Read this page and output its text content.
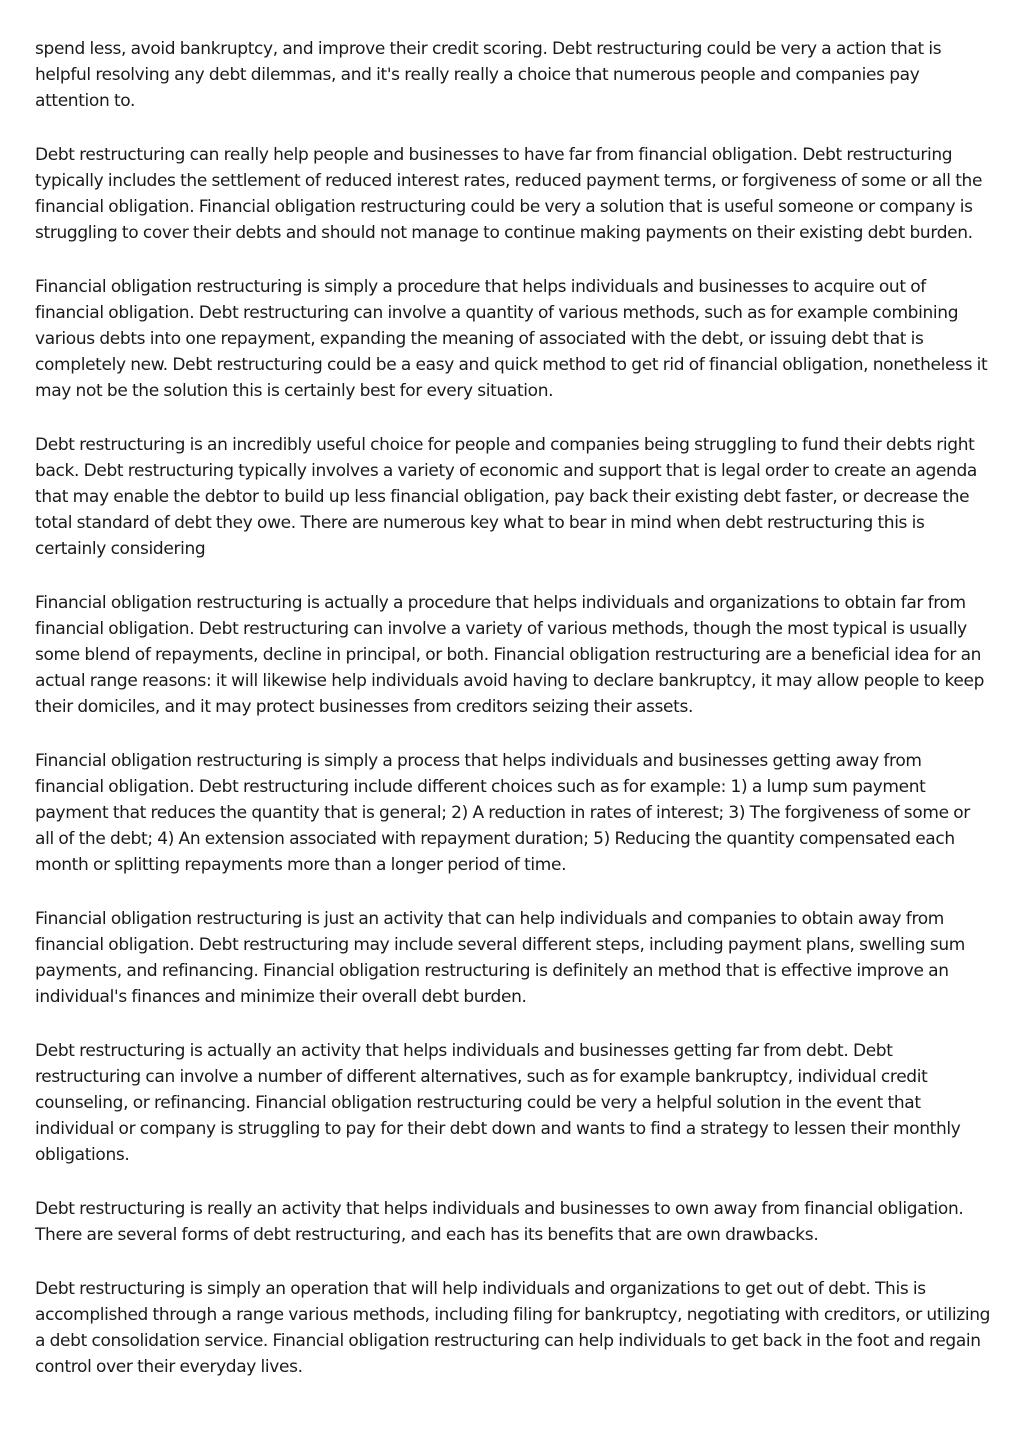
spend less, avoid bankruptcy, and improve their credit scoring. Debt restructuring could be very a action that is helpful resolving any debt dilemmas, and it's really really a choice that numerous people and companies pay attention to.

Debt restructuring can really help people and businesses to have far from financial obligation. Debt restructuring typically includes the settlement of reduced interest rates, reduced payment terms, or forgiveness of some or all the financial obligation. Financial obligation restructuring could be very a solution that is useful someone or company is struggling to cover their debts and should not manage to continue making payments on their existing debt burden.

Financial obligation restructuring is simply a procedure that helps individuals and businesses to acquire out of financial obligation. Debt restructuring can involve a quantity of various methods, such as for example combining various debts into one repayment, expanding the meaning of associated with the debt, or issuing debt that is completely new. Debt restructuring could be a easy and quick method to get rid of financial obligation, nonetheless it may not be the solution this is certainly best for every situation.

Debt restructuring is an incredibly useful choice for people and companies being struggling to fund their debts right back. Debt restructuring typically involves a variety of economic and support that is legal order to create an agenda that may enable the debtor to build up less financial obligation, pay back their existing debt faster, or decrease the total standard of debt they owe. There are numerous key what to bear in mind when debt restructuring this is certainly considering

Financial obligation restructuring is actually a procedure that helps individuals and organizations to obtain far from financial obligation. Debt restructuring can involve a variety of various methods, though the most typical is usually some blend of repayments, decline in principal, or both. Financial obligation restructuring are a beneficial idea for an actual range reasons: it will likewise help individuals avoid having to declare bankruptcy, it may allow people to keep their domiciles, and it may protect businesses from creditors seizing their assets.

Financial obligation restructuring is simply a process that helps individuals and businesses getting away from financial obligation. Debt restructuring include different choices such as for example: 1) a lump sum payment payment that reduces the quantity that is general; 2) A reduction in rates of interest; 3) The forgiveness of some or all of the debt; 4) An extension associated with repayment duration; 5) Reducing the quantity compensated each month or splitting repayments more than a longer period of time.

Financial obligation restructuring is just an activity that can help individuals and companies to obtain away from financial obligation. Debt restructuring may include several different steps, including payment plans, swelling sum payments, and refinancing. Financial obligation restructuring is definitely an method that is effective improve an individual's finances and minimize their overall debt burden.

Debt restructuring is actually an activity that helps individuals and businesses getting far from debt. Debt restructuring can involve a number of different alternatives, such as for example bankruptcy, individual credit counseling, or refinancing. Financial obligation restructuring could be very a helpful solution in the event that individual or company is struggling to pay for their debt down and wants to find a strategy to lessen their monthly obligations.

Debt restructuring is really an activity that helps individuals and businesses to own away from financial obligation. There are several forms of debt restructuring, and each has its benefits that are own drawbacks.

Debt restructuring is simply an operation that will help individuals and organizations to get out of debt. This is accomplished through a range various methods, including filing for bankruptcy, negotiating with creditors, or utilizing a debt consolidation service. Financial obligation restructuring can help individuals to get back in the foot and regain control over their everyday lives.
